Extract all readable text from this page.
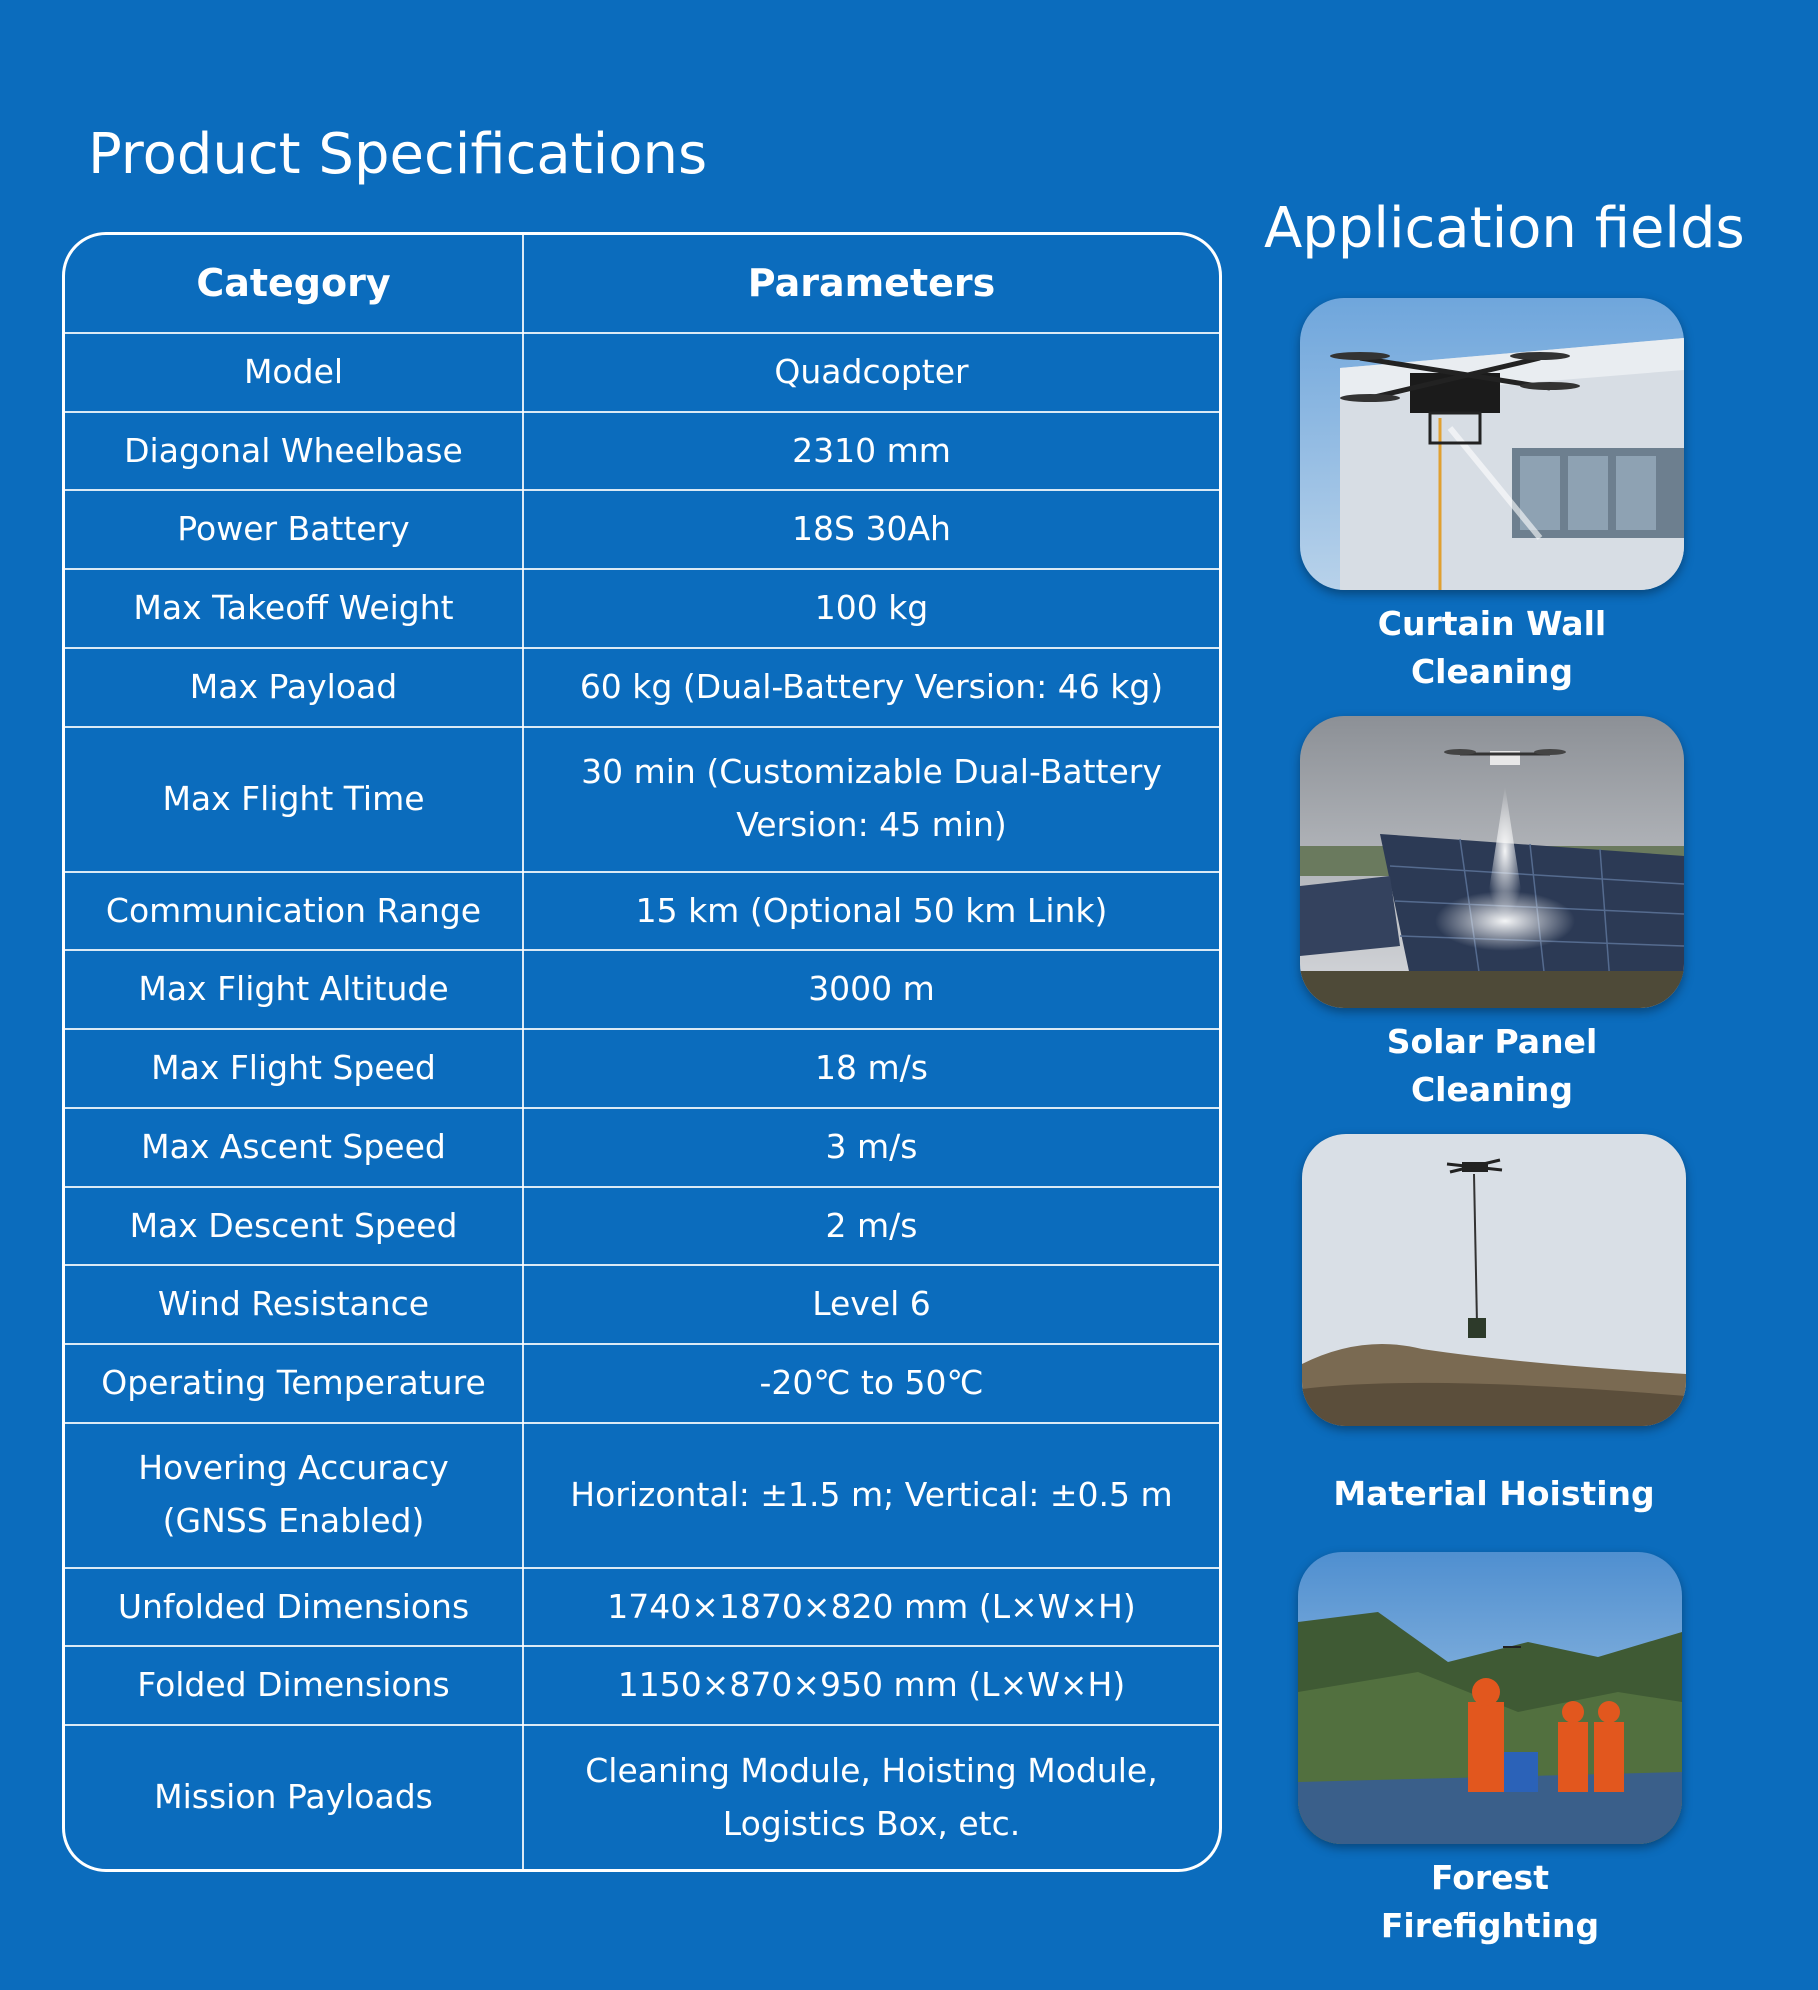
Product Specifications
Category	Parameters
Model	Quadcopter
Diagonal Wheelbase	2310 mm
Power Battery	18S 30Ah
Max Takeoff Weight	100 kg
Max Payload	60 kg (Dual-Battery Version: 46 kg)
Max Flight Time	30 min (Customizable Dual-Battery Version: 45 min)
Communication Range	15 km (Optional 50 km Link)
Max Flight Altitude	3000 m
Max Flight Speed	18 m/s
Max Ascent Speed	3 m/s
Max Descent Speed	2 m/s
Wind Resistance	Level 6
Operating Temperature	-20℃ to 50℃
Hovering Accuracy (GNSS Enabled)	Horizontal: ±1.5 m; Vertical: ±0.5 m
Unfolded Dimensions	1740×1870×820 mm (L×W×H)
Folded Dimensions	1150×870×950 mm (L×W×H)
Mission Payloads	Cleaning Module, Hoisting Module, Logistics Box, etc.
Application fields
Curtain Wall
Cleaning
Solar Panel
Cleaning
Material Hoisting
Forest
Firefighting
